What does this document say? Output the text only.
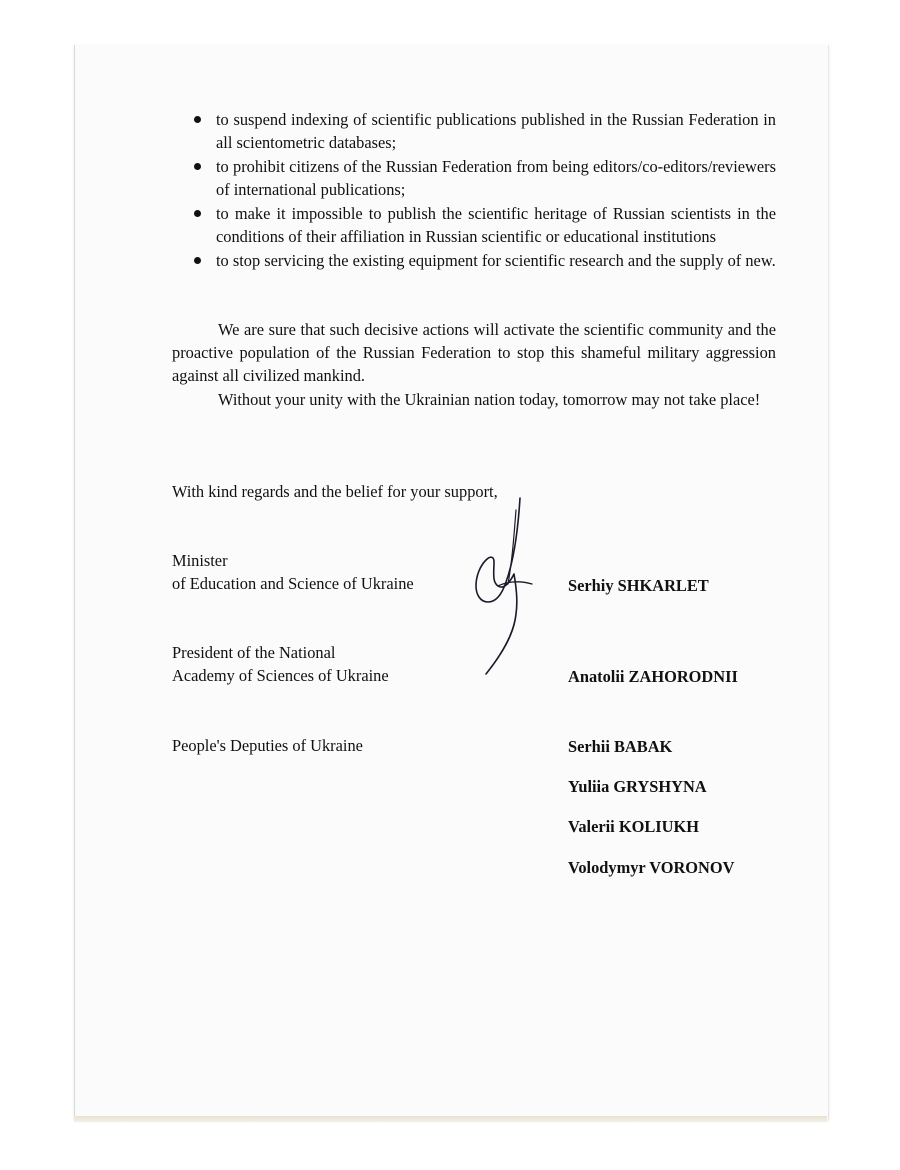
to suspend indexing of scientific publications published in the Russian Federation in all scientometric databases;
to prohibit citizens of the Russian Federation from being editors/co-editors/reviewers of international publications;
to make it impossible to publish the scientific heritage of Russian scientists in the conditions of their affiliation in Russian scientific or educational institutions
to stop servicing the existing equipment for scientific research and the supply of new.

We are sure that such decisive actions will activate the scientific community and the proactive population of the Russian Federation to stop this shameful military aggression against all civilized mankind.

Without your unity with the Ukrainian nation today, tomorrow may not take place!

With kind regards and the belief for your support,

Minister

of Education and Science of Ukraine	Serhiy SHKARLET

President of the National

Academy of Sciences of Ukraine	Anatolii ZAHORODNII

People's Deputies of Ukraine	Serhii BABAK

Yuliia GRYSHYNA

Valerii KOLIUKH

Volodymyr VORONOV
